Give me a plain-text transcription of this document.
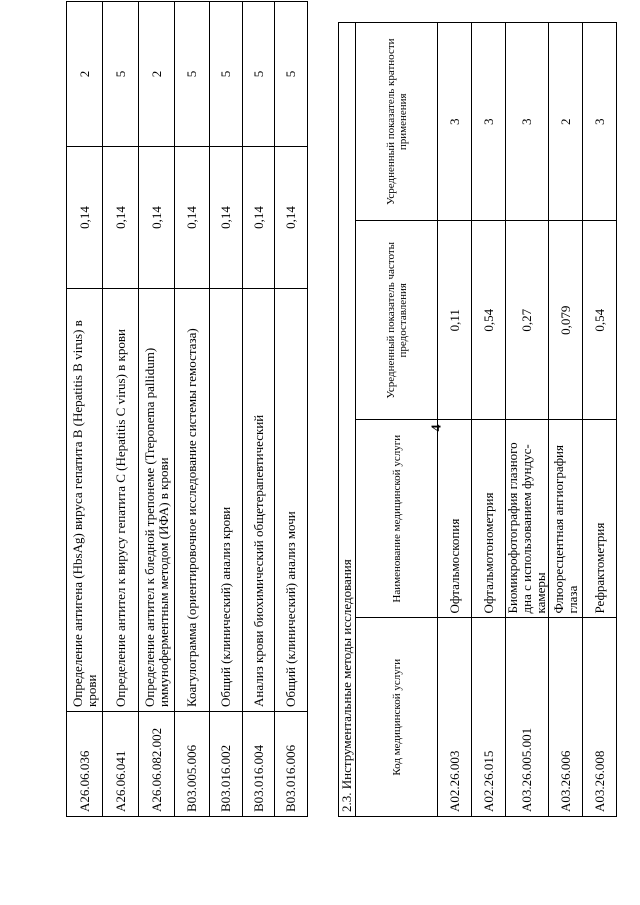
4
А26.06.036	Определение антигена (HbsAg) вируса гепатита B (Hepatitis B virus) в крови	0,14	2
А26.06.041	Определение антител к вирусу гепатита C (Hepatitis C virus) в крови	0,14	5
А26.06.082.002	Определение антител к бледной трепонеме (Treponema pallidum) иммуноферментным методом (ИФА) в крови	0,14	2
В03.005.006	Коагулограмма (ориентировочное исследование системы гемостаза)	0,14	5
В03.016.002	Общий (клинический) анализ крови	0,14	5
В03.016.004	Анализ крови биохимический общетерапевтический	0,14	5
В03.016.006	Общий (клинический) анализ мочи	0,14	5
2.3. Инструментальные методы исследования			
Код медицинской услуги	Наименование медицинской услуги	Усредненный показатель частоты предоставления	Усредненный показатель кратности применения
А02.26.003	Офтальмоскопия	0,11	3
А02.26.015	Офтальмотонометрия	0,54	3
А03.26.005.001	Биомикрофотография глазного дна с использованием фундус-камеры	0,27	3
А03.26.006	Флюоресцентная ангиография глаза	0,079	2
А03.26.008	Рефрактометрия	0,54	3
